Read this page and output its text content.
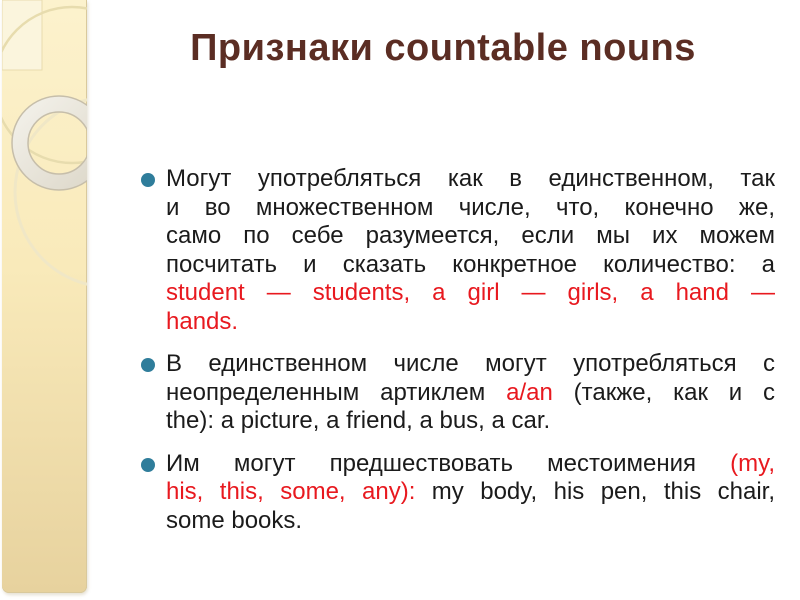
Признаки countable nouns
Могут употребляться как в единственном, так
и во множественном числе, что, конечно же,
само по себе разумеется, если мы их можем
посчитать и сказать конкретное количество: a
student — students, a girl — girls, a hand —
hands.
В единственном числе могут употребляться с
неопределенным артиклем a/an (также, как и с
the): a picture, a friend, a bus, a car.
Им могут предшествовать местоимения (my,
his, this, some, any): my body, his pen, this chair,
some books.
